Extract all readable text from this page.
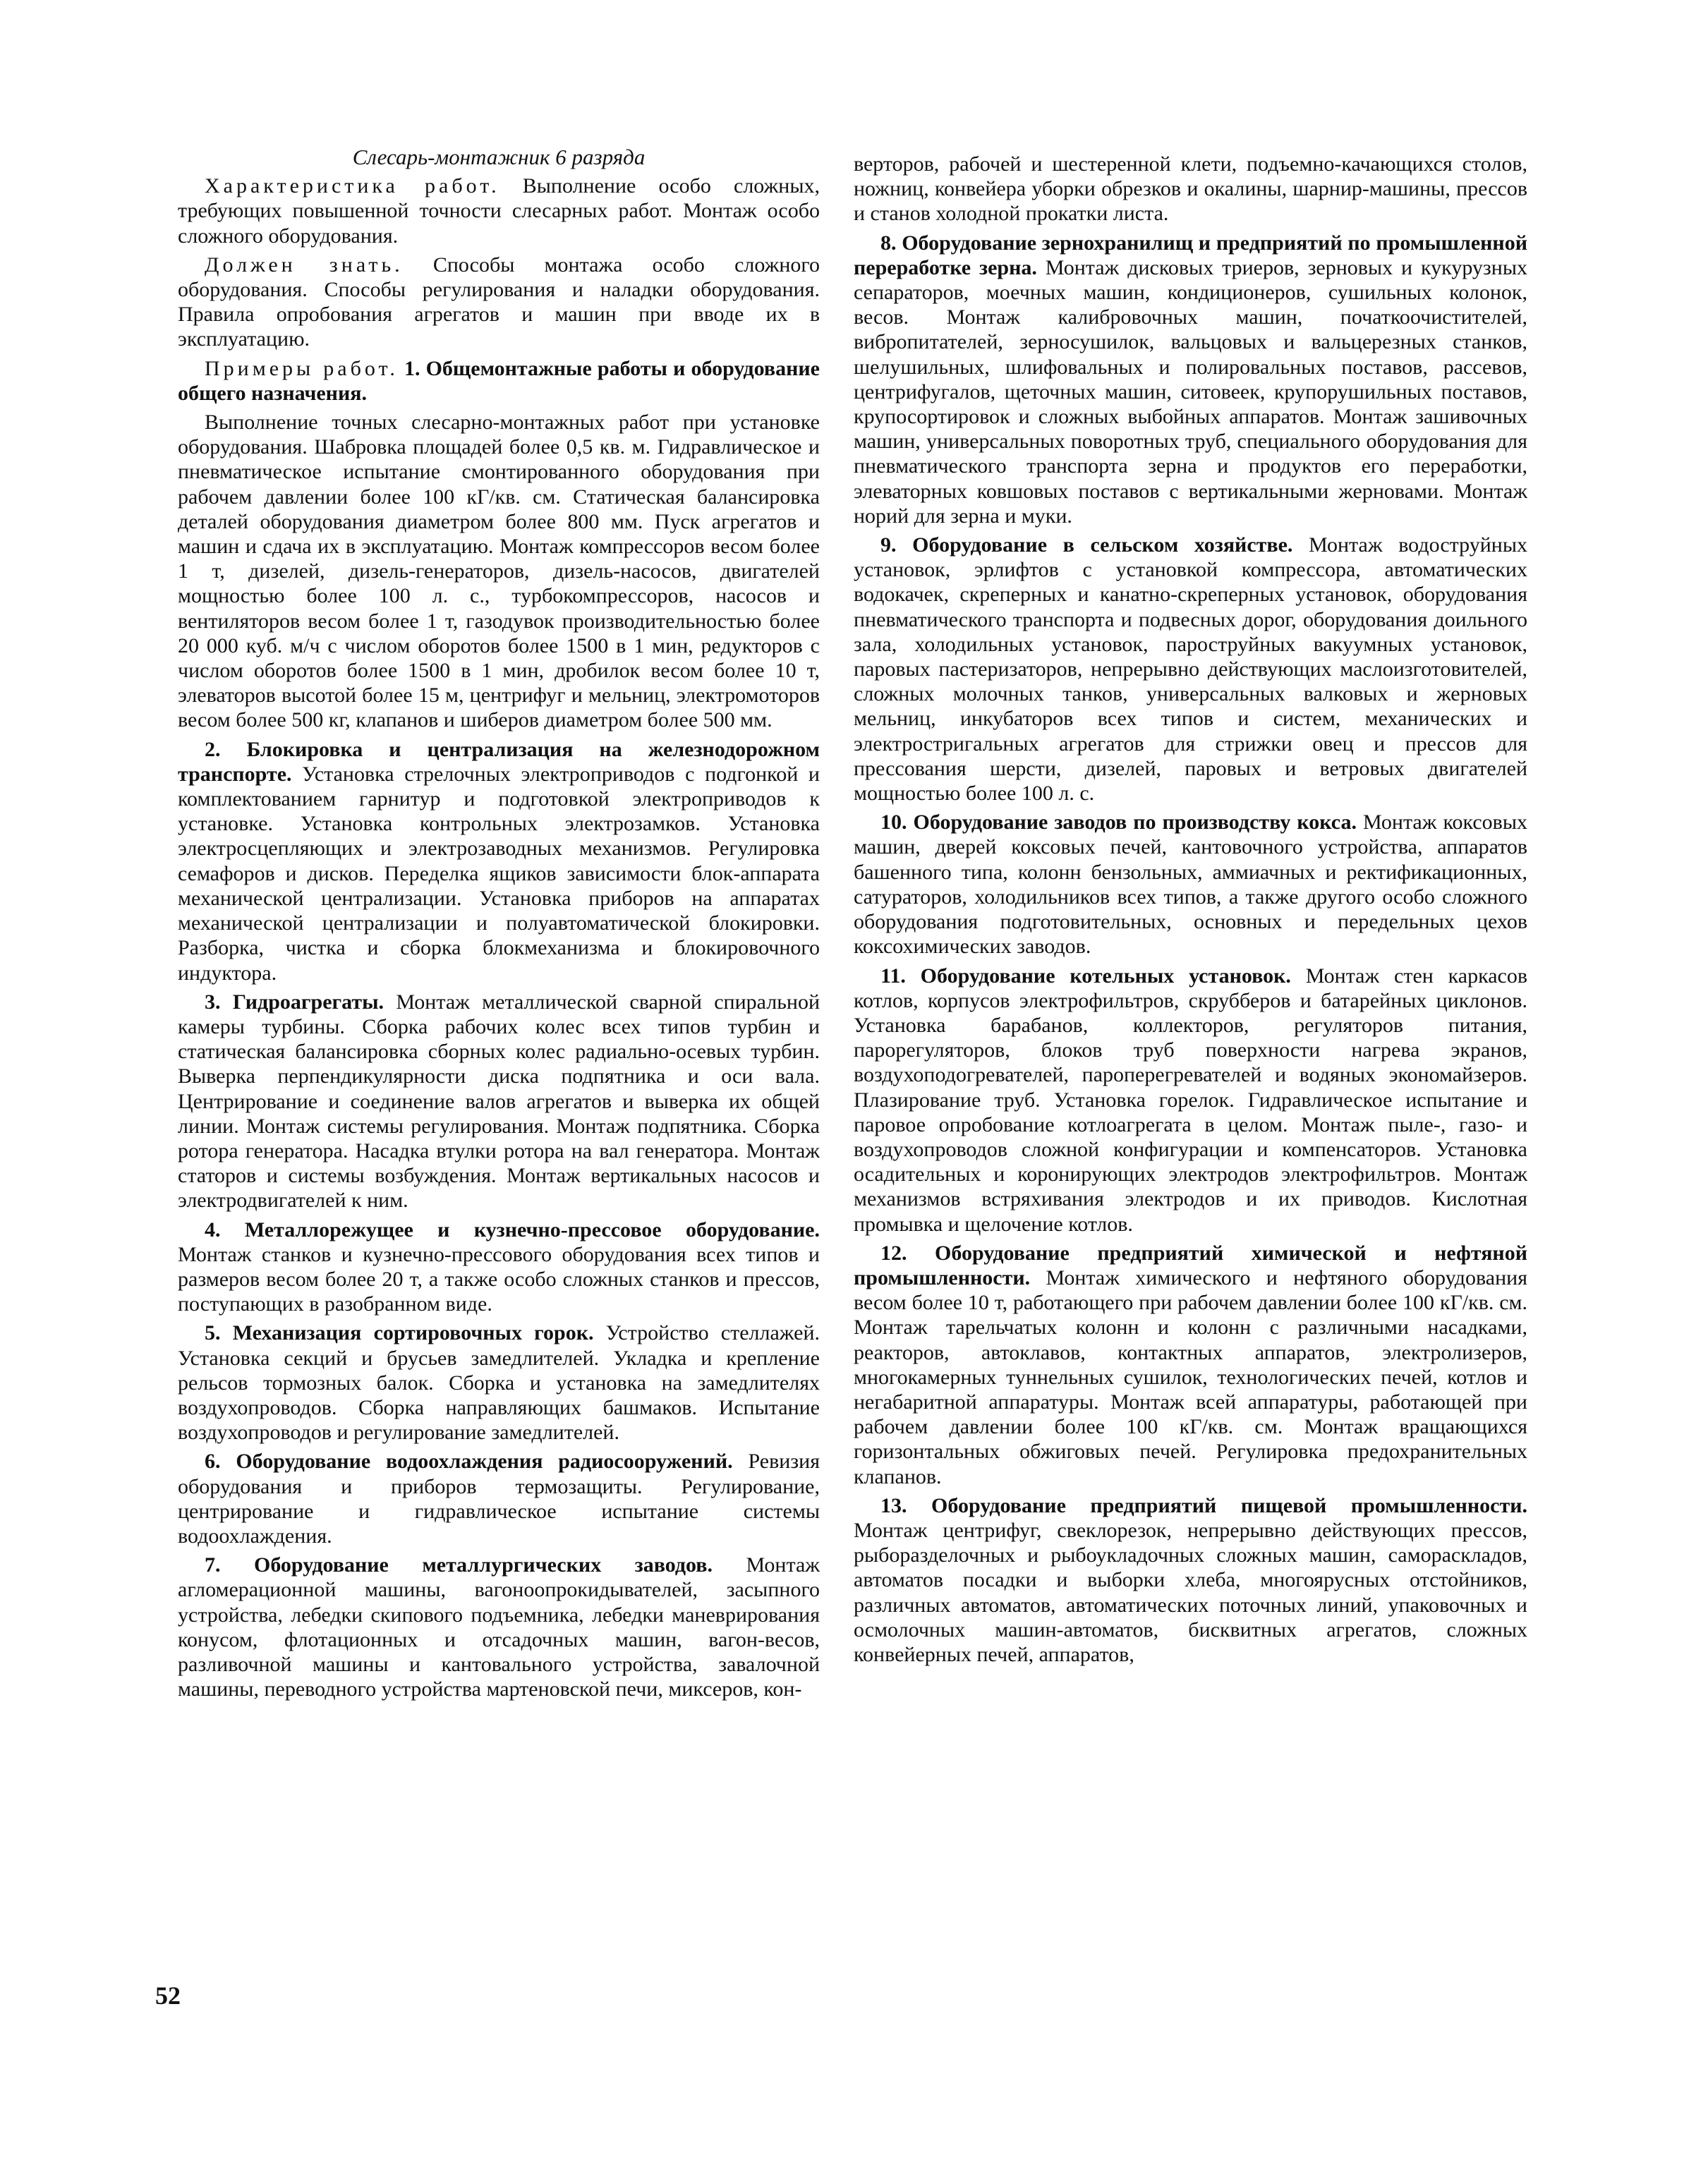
Слесарь-монтажник 6 разряда

Характеристика работ. Выполнение особо сложных, требующих повышенной точности слесарных работ. Монтаж особо сложного оборудования.

Должен знать. Способы монтажа особо сложного оборудования. Способы регулирования и наладки оборудования. Правила опробования агрегатов и машин при вводе их в эксплуатацию.

Примеры работ. 1. Общемонтажные работы и оборудование общего назначения.

Выполнение точных слесарно-монтажных работ при установке оборудования. Шабровка площадей более 0,5 кв. м. Гидравлическое и пневматическое испытание смонтированного оборудования при рабочем давлении более 100 кГ/кв. см. Статическая балансировка деталей оборудования диаметром более 800 мм. Пуск агрегатов и машин и сдача их в эксплуатацию. Монтаж компрессоров весом более 1 т, дизелей, дизель-генераторов, дизель-насосов, двигателей мощностью более 100 л. с., турбокомпрессоров, насосов и вентиляторов весом более 1 т, газодувок производительностью более 20 000 куб. м/ч с числом оборотов более 1500 в 1 мин, редукторов с числом оборотов более 1500 в 1 мин, дробилок весом более 10 т, элеваторов высотой более 15 м, центрифуг и мельниц, электромоторов весом более 500 кг, клапанов и шиберов диаметром более 500 мм.

2. Блокировка и централизация на железнодорожном транспорте. Установка стрелочных электроприводов с подгонкой и комплектованием гарнитур и подготовкой электроприводов к установке. Установка контрольных электрозамков. Установка электросцепляющих и электрозаводных механизмов. Регулировка семафоров и дисков. Переделка ящиков зависимости блок-аппарата механической централизации. Установка приборов на аппаратах механической централизации и полуавтоматической блокировки. Разборка, чистка и сборка блокмеханизма и блокировочного индуктора.

3. Гидроагрегаты. Монтаж металлической сварной спиральной камеры турбины. Сборка рабочих колес всех типов турбин и статическая балансировка сборных колес радиально-осевых турбин. Выверка перпендикулярности диска подпятника и оси вала. Центрирование и соединение валов агрегатов и выверка их общей линии. Монтаж системы регулирования. Монтаж подпятника. Сборка ротора генератора. Насадка втулки ротора на вал генератора. Монтаж статоров и системы возбуждения. Монтаж вертикальных насосов и электродвигателей к ним.

4. Металлорежущее и кузнечно-прессовое оборудование. Монтаж станков и кузнечно-прессового оборудования всех типов и размеров весом более 20 т, а также особо сложных станков и прессов, поступающих в разобранном виде.

5. Механизация сортировочных горок. Устройство стеллажей. Установка секций и брусьев замедлителей. Укладка и крепление рельсов тормозных балок. Сборка и установка на замедлителях воздухопроводов. Сборка направляющих башмаков. Испытание воздухопроводов и регулирование замедлителей.

6. Оборудование водоохлаждения радиосооружений. Ревизия оборудования и приборов термозащиты. Регулирование, центрирование и гидравлическое испытание системы водоохлаждения.

7. Оборудование металлургических заводов. Монтаж агломерационной машины, вагоноопрокидывателей, засыпного устройства, лебедки скипового подъемника, лебедки маневрирования конусом, флотационных и отсадочных машин, вагон-весов, разливочной машины и кантовального устройства, завалочной машины, переводного устройства мартеновской печи, миксеров, кон-

верторов, рабочей и шестеренной клети, подъемно-качающихся столов, ножниц, конвейера уборки обрезков и окалины, шарнир-машины, прессов и станов холодной прокатки листа.

8. Оборудование зернохранилищ и предприятий по промышленной переработке зерна. Монтаж дисковых триеров, зерновых и кукурузных сепараторов, моечных машин, кондиционеров, сушильных колонок, весов. Монтаж калибровочных машин, початкоочистителей, вибропитателей, зерносушилок, вальцовых и вальцерезных станков, шелушильных, шлифовальных и полировальных поставов, рассевов, центрифугалов, щеточных машин, ситовеек, крупорушильных поставов, крупосортировок и сложных выбойных аппаратов. Монтаж зашивочных машин, универсальных поворотных труб, специального оборудования для пневматического транспорта зерна и продуктов его переработки, элеваторных ковшовых поставов с вертикальными жерновами. Монтаж норий для зерна и муки.

9. Оборудование в сельском хозяйстве. Монтаж водоструйных установок, эрлифтов с установкой компрессора, автоматических водокачек, скреперных и канатно-скреперных установок, оборудования пневматического транспорта и подвесных дорог, оборудования доильного зала, холодильных установок, пароструйных вакуумных установок, паровых пастеризаторов, непрерывно действующих маслоизготовителей, сложных молочных танков, универсальных валковых и жерновых мельниц, инкубаторов всех типов и систем, механических и электростригальных агрегатов для стрижки овец и прессов для прессования шерсти, дизелей, паровых и ветровых двигателей мощностью более 100 л. с.

10. Оборудование заводов по производству кокса. Монтаж коксовых машин, дверей коксовых печей, кантовочного устройства, аппаратов башенного типа, колонн бензольных, аммиачных и ректификационных, сатураторов, холодильников всех типов, а также другого особо сложного оборудования подготовительных, основных и передельных цехов коксохимических заводов.

11. Оборудование котельных установок. Монтаж стен каркасов котлов, корпусов электрофильтров, скрубберов и батарейных циклонов. Установка барабанов, коллекторов, регуляторов питания, парорегуляторов, блоков труб поверхности нагрева экранов, воздухоподогревателей, пароперегревателей и водяных экономайзеров. Плазирование труб. Установка горелок. Гидравлическое испытание и паровое опробование котлоагрегата в целом. Монтаж пыле-, газо- и воздухопроводов сложной конфигурации и компенсаторов. Установка осадительных и коронирующих электродов электрофильтров. Монтаж механизмов встряхивания электродов и их приводов. Кислотная промывка и щелочение котлов.

12. Оборудование предприятий химической и нефтяной промышленности. Монтаж химического и нефтяного оборудования весом более 10 т, работающего при рабочем давлении более 100 кГ/кв. см. Монтаж тарельчатых колонн и колонн с различными насадками, реакторов, автоклавов, контактных аппаратов, электролизеров, многокамерных туннельных сушилок, технологических печей, котлов и негабаритной аппаратуры. Монтаж всей аппаратуры, работающей при рабочем давлении более 100 кГ/кв. см. Монтаж вращающихся горизонтальных обжиговых печей. Регулировка предохранительных клапанов.

13. Оборудование предприятий пищевой промышленности. Монтаж центрифуг, свеклорезок, непрерывно действующих прессов, рыборазделочных и рыбоукладочных сложных машин, самораскладов, автоматов посадки и выборки хлеба, многоярусных отстойников, различных автоматов, автоматических поточных линий, упаковочных и осмолочных машин-автоматов, бисквитных агрегатов, сложных конвейерных печей, аппаратов,

52
